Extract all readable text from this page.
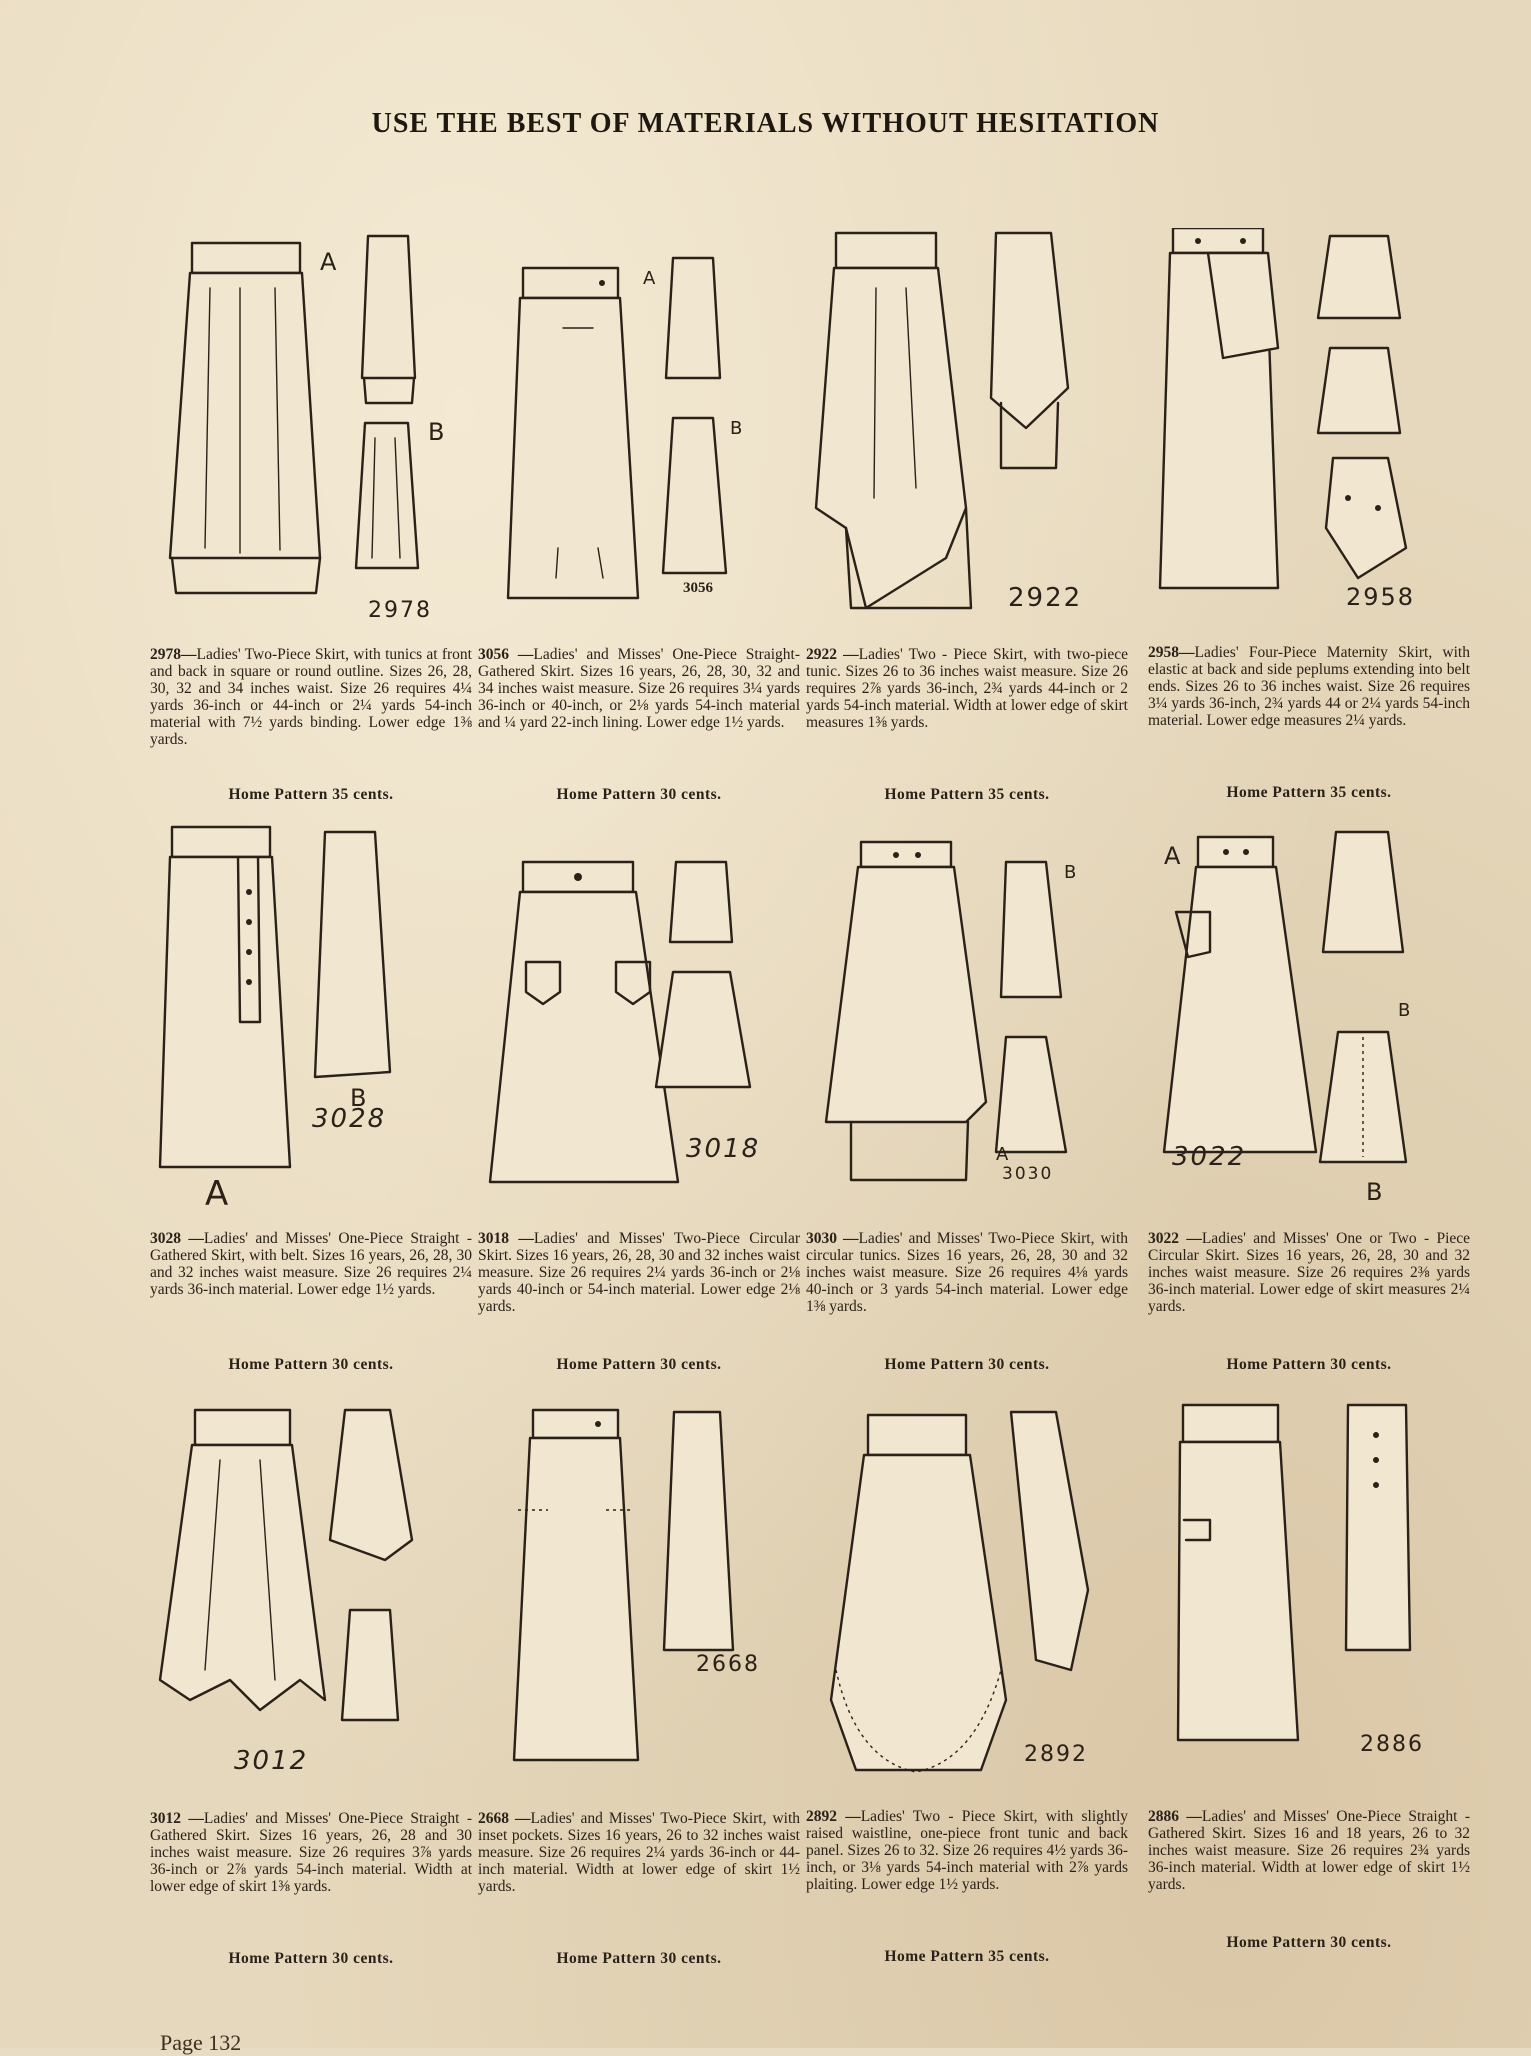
USE THE BEST OF MATERIALS WITHOUT HESITATION
A
B
2978
2978—Ladies' Two-Piece Skirt, with tunics at front and back in square or round outline. Sizes 26, 28, 30, 32 and 34 inches waist. Size 26 requires 4¼ yards 36-inch or 44-inch or 2¼ yards 54-inch material with 7½ yards binding. Lower edge 1⅜ yards.
Home Pattern 35 cents.
A
B
3056
3056 —Ladies' and Misses' One-Piece Straight-Gathered Skirt. Sizes 16 years, 26, 28, 30, 32 and 34 inches waist measure. Size 26 requires 3¼ yards 36-inch or 40-inch, or 2⅛ yards 54-inch material and ¼ yard 22-inch lining. Lower edge 1½ yards.
Home Pattern 30 cents.
2922
2922 —Ladies' Two - Piece Skirt, with two-piece tunic. Sizes 26 to 36 inches waist measure. Size 26 requires 2⅞ yards 36-inch, 2¾ yards 44-inch or 2 yards 54-inch material. Width at lower edge of skirt measures 1⅜ yards.
Home Pattern 35 cents.
2958
2958—Ladies' Four-Piece Maternity Skirt, with elastic at back and side peplums extending into belt ends. Sizes 26 to 36 inches waist. Size 26 requires 3¼ yards 36-inch, 2¾ yards 44 or 2¼ yards 54-inch material. Lower edge measures 2¼ yards.
Home Pattern 35 cents.
B
3028
A
3028 —Ladies' and Misses' One-Piece Straight - Gathered Skirt, with belt. Sizes 16 years, 26, 28, 30 and 32 inches waist measure. Size 26 requires 2¼ yards 36-inch material. Lower edge 1½ yards.
Home Pattern 30 cents.
3018
3018 —Ladies' and Misses' Two-Piece Circular Skirt. Sizes 16 years, 26, 28, 30 and 32 inches waist measure. Size 26 requires 2¼ yards 36-inch or 2⅛ yards 40-inch or 54-inch material. Lower edge 2⅛ yards.
Home Pattern 30 cents.
B
A
3030
3030 —Ladies' and Misses' Two-Piece Skirt, with circular tunics. Sizes 16 years, 26, 28, 30 and 32 inches waist measure. Size 26 requires 4⅛ yards 40-inch or 3 yards 54-inch material. Lower edge 1⅜ yards.
Home Pattern 30 cents.
A
B
3022
B
3022 —Ladies' and Misses' One or Two - Piece Circular Skirt. Sizes 16 years, 26, 28, 30 and 32 inches waist measure. Size 26 requires 2⅜ yards 36-inch material. Lower edge of skirt measures 2¼ yards.
Home Pattern 30 cents.
3012
3012 —Ladies' and Misses' One-Piece Straight - Gathered Skirt. Sizes 16 years, 26, 28 and 30 inches waist measure. Size 26 requires 3⅞ yards 36-inch or 2⅞ yards 54-inch material. Width at lower edge of skirt 1⅜ yards.
Home Pattern 30 cents.
2668
2668 —Ladies' and Misses' Two-Piece Skirt, with inset pockets. Sizes 16 years, 26 to 32 inches waist measure. Size 26 requires 2¼ yards 36-inch or 44-inch material. Width at lower edge of skirt 1½ yards.
Home Pattern 30 cents.
2892
2892 —Ladies' Two - Piece Skirt, with slightly raised waistline, one-piece front tunic and back panel. Sizes 26 to 32. Size 26 requires 4½ yards 36-inch, or 3⅛ yards 54-inch material with 2⅞ yards plaiting. Lower edge 1½ yards.
Home Pattern 35 cents.
2886
2886 —Ladies' and Misses' One-Piece Straight - Gathered Skirt. Sizes 16 and 18 years, 26 to 32 inches waist measure. Size 26 requires 2¾ yards 36-inch material. Width at lower edge of skirt 1½ yards.
Home Pattern 30 cents.
Page 132
